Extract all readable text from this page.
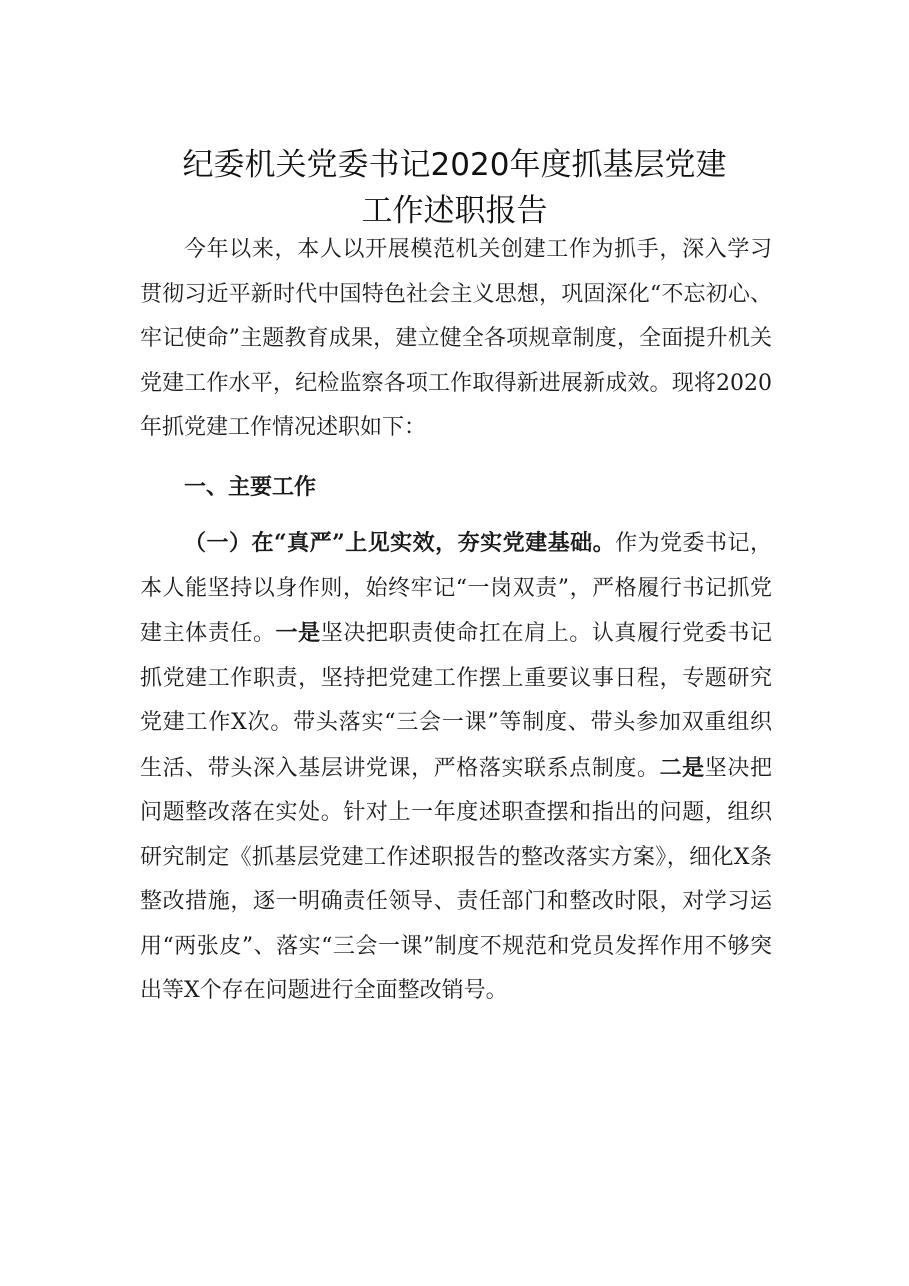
纪委机关党委书记2020年度抓基层党建
工作述职报告

今年以来，本人以开展模范机关创建工作为抓手，深入学习贯彻习近平新时代中国特色社会主义思想，巩固深化“不忘初心、牢记使命”主题教育成果，建立健全各项规章制度，全面提升机关党建工作水平，纪检监察各项工作取得新进展新成效。现将2020年抓党建工作情况述职如下：

一、主要工作

（一）在“真严”上见实效，夯实党建基础。作为党委书记，本人能坚持以身作则，始终牢记“一岗双责”，严格履行书记抓党建主体责任。一是坚决把职责使命扛在肩上。认真履行党委书记抓党建工作职责，坚持把党建工作摆上重要议事日程，专题研究党建工作X次。带头落实“三会一课”等制度、带头参加双重组织生活、带头深入基层讲党课，严格落实联系点制度。二是坚决把问题整改落在实处。针对上一年度述职查摆和指出的问题，组织研究制定《抓基层党建工作述职报告的整改落实方案》，细化X条整改措施，逐一明确责任领导、责任部门和整改时限，对学习运用“两张皮”、落实“三会一课”制度不规范和党员发挥作用不够突出等X个存在问题进行全面整改销号。
